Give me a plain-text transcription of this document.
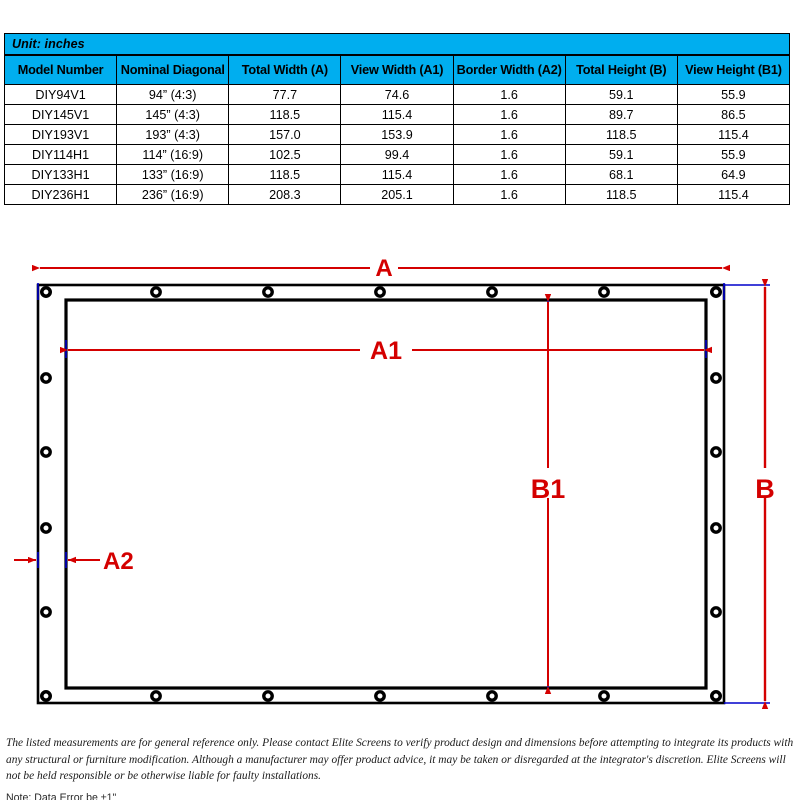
Unit: inches						
Model Number	Nominal Diagonal	Total Width (A)	View Width (A1)	Border Width (A2)	Total Height (B)	View Height (B1)
DIY94V1	94” (4:3)	77.7	74.6	1.6	59.1	55.9
DIY145V1	145” (4:3)	118.5	115.4	1.6	89.7	86.5
DIY193V1	193” (4:3)	157.0	153.9	1.6	118.5	115.4
DIY114H1	114” (16:9)	102.5	99.4	1.6	59.1	55.9
DIY133H1	133” (16:9)	118.5	115.4	1.6	68.1	64.9
DIY236H1	236” (16:9)	208.3	205.1	1.6	118.5	115.4
A
A1
A2
B1	B

The listed measurements are for general reference only. Please contact Elite Screens to verify product design and dimensions before attempting to integrate its products with any structural or furniture modification. Although a manufacturer may offer product advice, it may be taken or disregarded at the integrator's discretion. Elite Screens will not be held responsible or be otherwise liable for faulty installations.

Note: Data Error be ±1"
